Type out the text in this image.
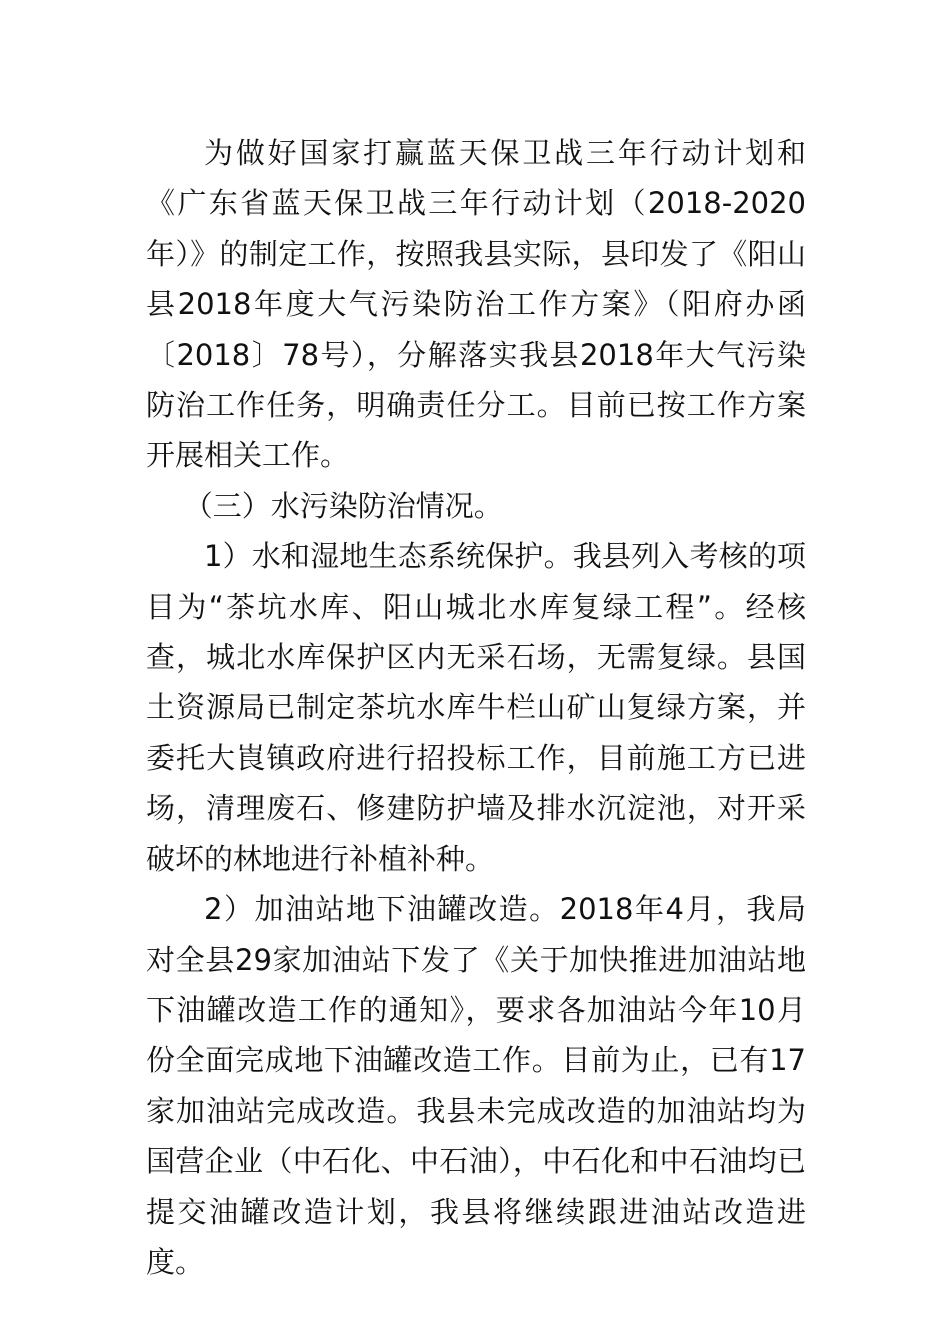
为做好国家打赢蓝天保卫战三年行动计划和《广东省蓝天保卫战三年行动计划（2018-2020年）》的制定工作，按照我县实际，县印发了《阳山县2018年度大气污染防治工作方案》（阳府办函〔2018〕78号），分解落实我县2018年大气污染防治工作任务，明确责任分工。目前已按工作方案开展相关工作。

（三）水污染防治情况。

1）水和湿地生态系统保护。我县列入考核的项目为“茶坑水库、阳山城北水库复绿工程”。经核查，城北水库保护区内无采石场，无需复绿。县国土资源局已制定茶坑水库牛栏山矿山复绿方案，并委托大崀镇政府进行招投标工作，目前施工方已进场，清理废石、修建防护墙及排水沉淀池，对开采破坏的林地进行补植补种。

2）加油站地下油罐改造。2018年4月，我局对全县29家加油站下发了《关于加快推进加油站地下油罐改造工作的通知》，要求各加油站今年10月份全面完成地下油罐改造工作。目前为止，已有17家加油站完成改造。我县未完成改造的加油站均为国营企业（中石化、中石油），中石化和中石油均已提交油罐改造计划，我县将继续跟进油站改造进度。
